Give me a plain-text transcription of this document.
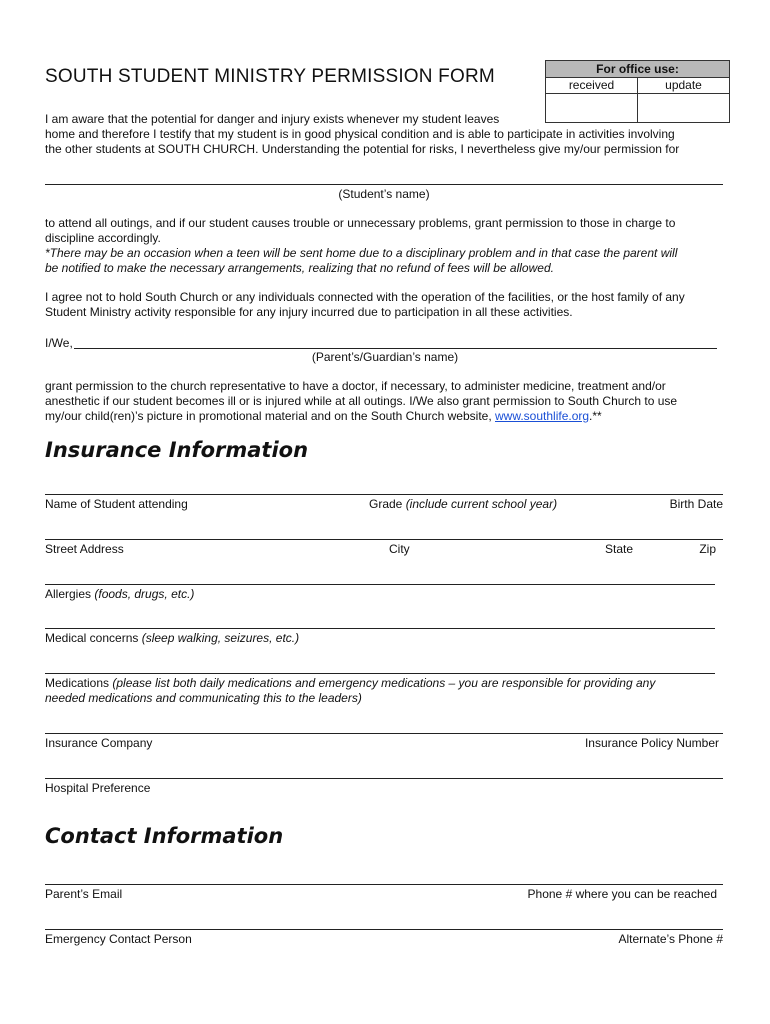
SOUTH STUDENT MINISTRY PERMISSION FORM	For office use:
received	update
I am aware that the potential for danger and injury exists whenever my student leaves
home and therefore I testify that my student is in good physical condition and is able to participate in activities involving
the other students at SOUTH CHURCH. Understanding the potential for risks, I nevertheless give my/our permission for
(Student’s name)
to attend all outings, and if our student causes trouble or unnecessary problems, grant permission to those in charge to
discipline accordingly.
*There may be an occasion when a teen will be sent home due to a disciplinary problem and in that case the parent will
be notified to make the necessary arrangements, realizing that no refund of fees will be allowed.
I agree not to hold South Church or any individuals connected with the operation of the facilities, or the host family of any
Student Ministry activity responsible for any injury incurred due to participation in all these activities.
I/We,
(Parent’s/Guardian’s name)
grant permission to the church representative to have a doctor, if necessary, to administer medicine, treatment and/or
anesthetic if our student becomes ill or is injured while at all outings. I/We also grant permission to South Church to use
my/our child(ren)’s picture in promotional material and on the South Church website, www.southlife.org.**
Insurance Information
Name of Student attending	Grade (include current school year)	Birth Date
Street Address	City	State	Zip
Allergies (foods, drugs, etc.)
Medical concerns (sleep walking, seizures, etc.)
Medications (please list both daily medications and emergency medications – you are responsible for providing any
needed medications and communicating this to the leaders)
Insurance Company	Insurance Policy Number
Hospital Preference
Contact Information
Parent’s Email	Phone # where you can be reached
Emergency Contact Person	Alternate’s Phone #
